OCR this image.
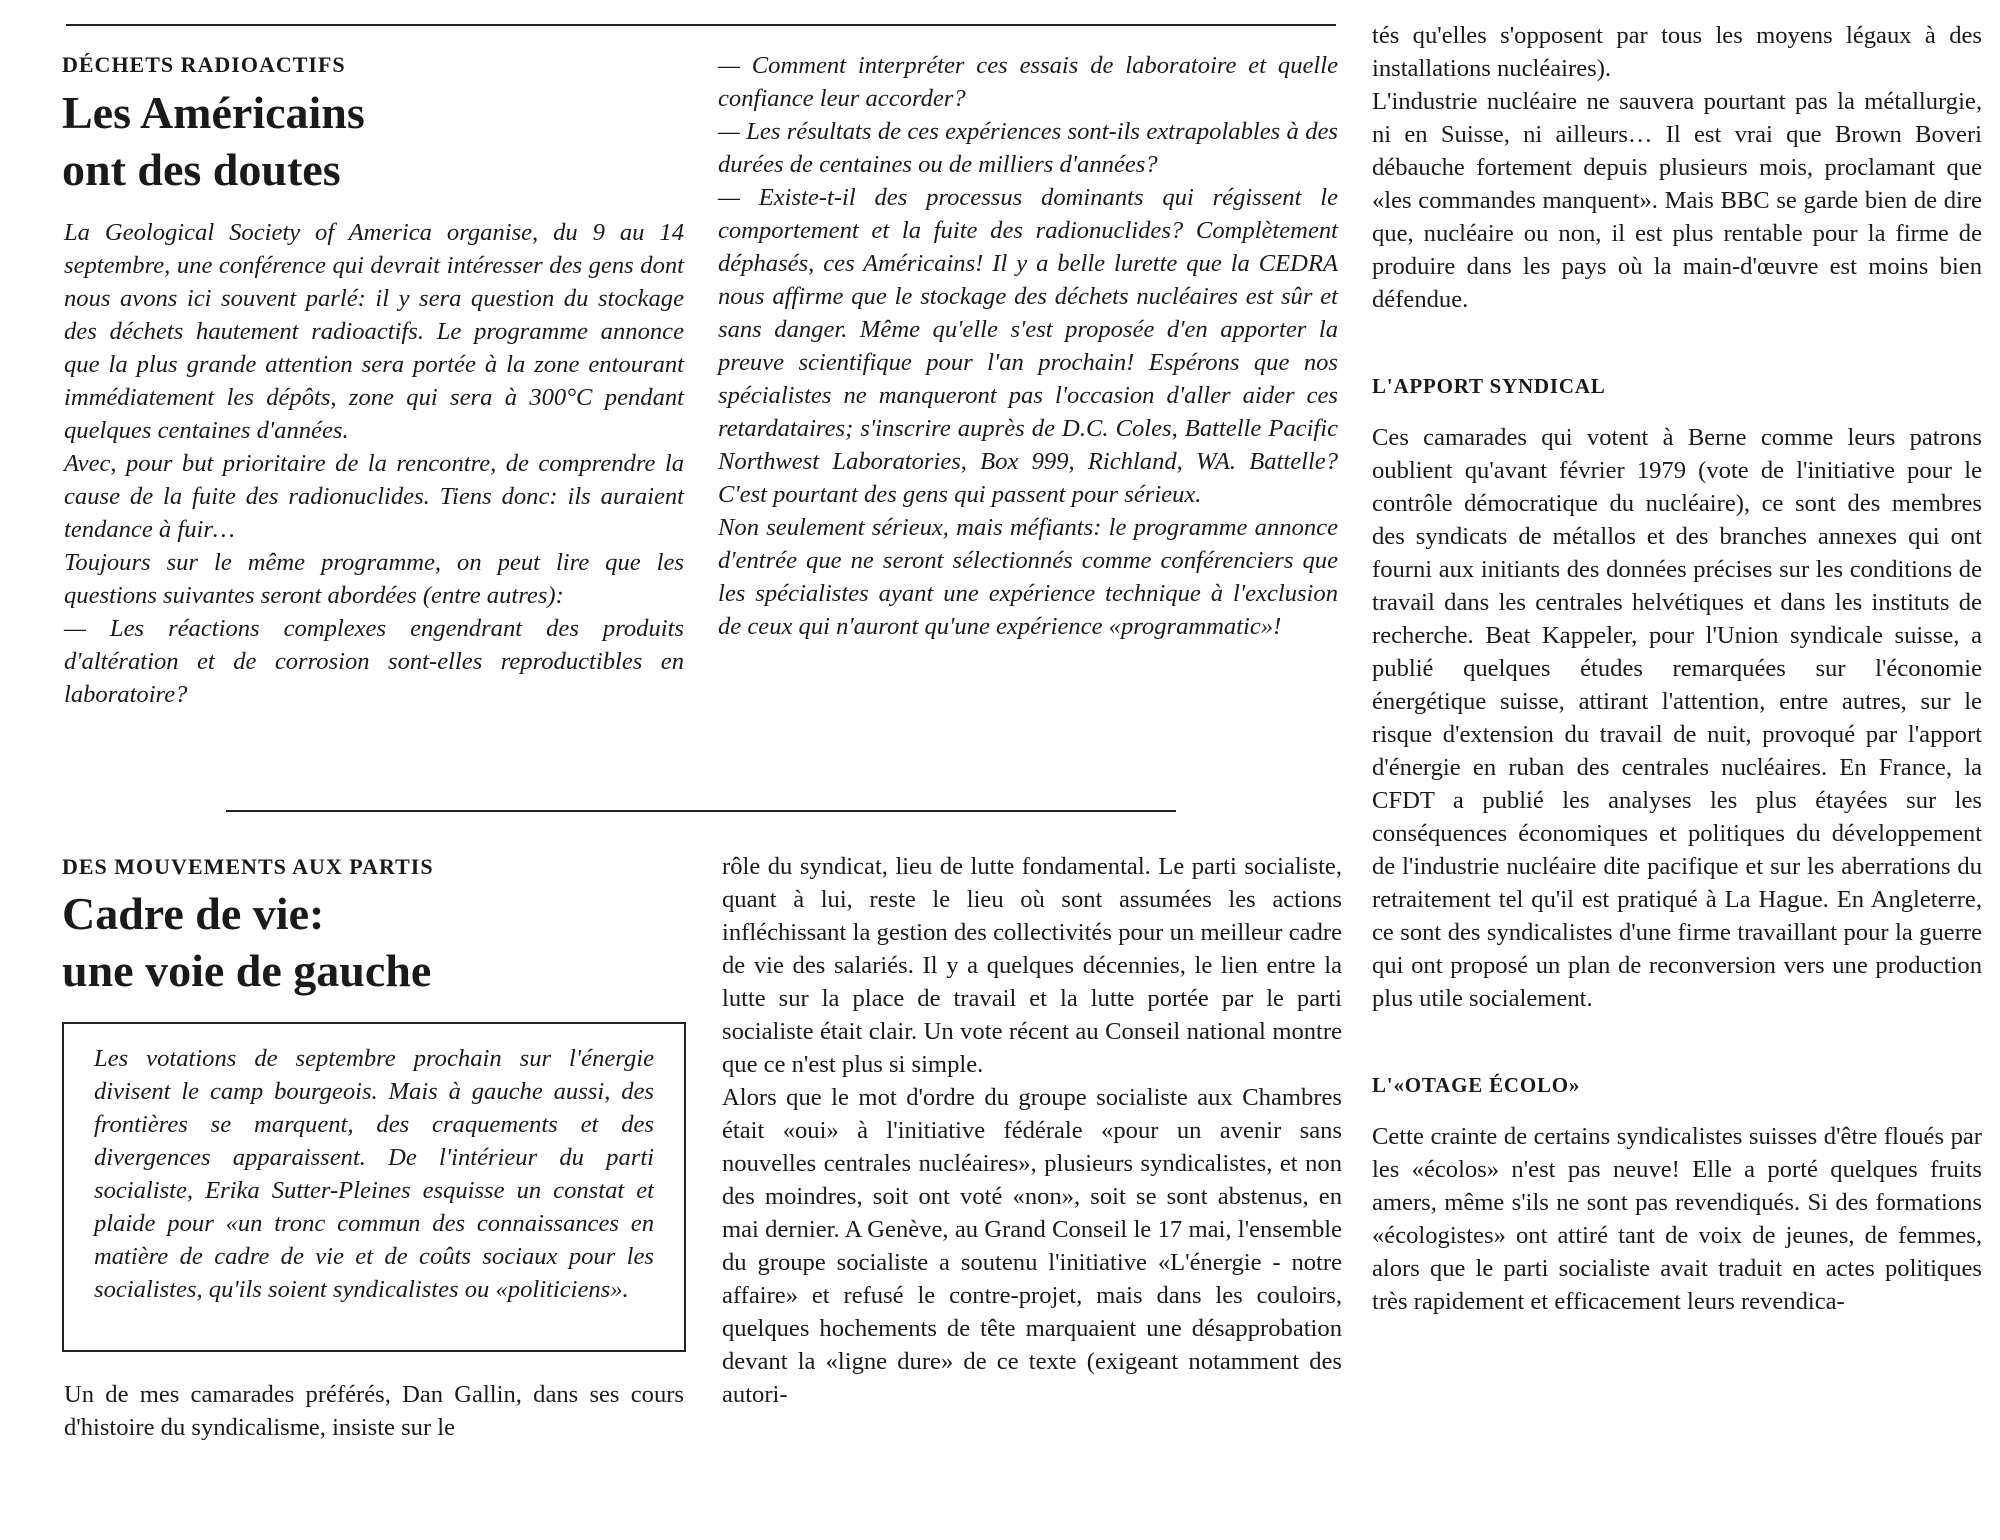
DÉCHETS RADIOACTIFS
Les Américains
ont des doutes

La Geological Society of America organise, du 9 au 14 septembre, une conférence qui devrait intéresser des gens dont nous avons ici souvent parlé: il y sera question du stockage des déchets hautement radioactifs. Le programme annonce que la plus grande attention sera portée à la zone entourant immédiatement les dépôts, zone qui sera à 300°C pendant quelques centaines d'années.

Avec, pour but prioritaire de la rencontre, de comprendre la cause de la fuite des radionuclides. Tiens donc: ils auraient tendance à fuir…

Toujours sur le même programme, on peut lire que les questions suivantes seront abordées (entre autres):

— Les réactions complexes engendrant des produits d'altération et de corrosion sont-elles reproductibles en laboratoire?

— Comment interpréter ces essais de laboratoire et quelle confiance leur accorder?

— Les résultats de ces expériences sont-ils extrapolables à des durées de centaines ou de milliers d'années?

— Existe-t-il des processus dominants qui régissent le comportement et la fuite des radionuclides? Complètement déphasés, ces Américains! Il y a belle lurette que la CEDRA nous affirme que le stockage des déchets nucléaires est sûr et sans danger. Même qu'elle s'est proposée d'en apporter la preuve scientifique pour l'an prochain! Espérons que nos spécialistes ne manqueront pas l'occasion d'aller aider ces retardataires; s'inscrire auprès de D.C. Coles, Battelle Pacific Northwest Laboratories, Box 999, Richland, WA. Battelle? C'est pourtant des gens qui passent pour sérieux.

Non seulement sérieux, mais méfiants: le programme annonce d'entrée que ne seront sélectionnés comme conférenciers que les spécialistes ayant une expérience technique à l'exclusion de ceux qui n'auront qu'une expérience «programmatic»!

DES MOUVEMENTS AUX PARTIS
Cadre de vie:
une voie de gauche

Les votations de septembre prochain sur l'énergie divisent le camp bourgeois. Mais à gauche aussi, des frontières se marquent, des craquements et des divergences apparaissent. De l'intérieur du parti socialiste, Erika Sutter-Pleines esquisse un constat et plaide pour «un tronc commun des connaissances en matière de cadre de vie et de coûts sociaux pour les socialistes, qu'ils soient syndicalistes ou «politiciens».

Un de mes camarades préférés, Dan Gallin, dans ses cours d'histoire du syndicalisme, insiste sur le

rôle du syndicat, lieu de lutte fondamental. Le parti socialiste, quant à lui, reste le lieu où sont assumées les actions infléchissant la gestion des collectivités pour un meilleur cadre de vie des salariés. Il y a quelques décennies, le lien entre la lutte sur la place de travail et la lutte portée par le parti socialiste était clair. Un vote récent au Conseil national montre que ce n'est plus si simple.

Alors que le mot d'ordre du groupe socialiste aux Chambres était «oui» à l'initiative fédérale «pour un avenir sans nouvelles centrales nucléaires», plusieurs syndicalistes, et non des moindres, soit ont voté «non», soit se sont abstenus, en mai dernier. A Genève, au Grand Conseil le 17 mai, l'ensemble du groupe socialiste a soutenu l'initiative «L'énergie - notre affaire» et refusé le contre-projet, mais dans les couloirs, quelques hochements de tête marquaient une désapprobation devant la «ligne dure» de ce texte (exigeant notamment des autori-

tés qu'elles s'opposent par tous les moyens légaux à des installations nucléaires).

L'industrie nucléaire ne sauvera pourtant pas la métallurgie, ni en Suisse, ni ailleurs… Il est vrai que Brown Boveri débauche fortement depuis plusieurs mois, proclamant que «les commandes manquent». Mais BBC se garde bien de dire que, nucléaire ou non, il est plus rentable pour la firme de produire dans les pays où la main-d'œuvre est moins bien défendue.

L'APPORT SYNDICAL

Ces camarades qui votent à Berne comme leurs patrons oublient qu'avant février 1979 (vote de l'initiative pour le contrôle démocratique du nucléaire), ce sont des membres des syndicats de métallos et des branches annexes qui ont fourni aux initiants des données précises sur les conditions de travail dans les centrales helvétiques et dans les instituts de recherche. Beat Kappeler, pour l'Union syndicale suisse, a publié quelques études remarquées sur l'économie énergétique suisse, attirant l'attention, entre autres, sur le risque d'extension du travail de nuit, provoqué par l'apport d'énergie en ruban des centrales nucléaires. En France, la CFDT a publié les analyses les plus étayées sur les conséquences économiques et politiques du développement de l'industrie nucléaire dite pacifique et sur les aberrations du retraitement tel qu'il est pratiqué à La Hague. En Angleterre, ce sont des syndicalistes d'une firme travaillant pour la guerre qui ont proposé un plan de reconversion vers une production plus utile socialement.

L'«OTAGE ÉCOLO»

Cette crainte de certains syndicalistes suisses d'être floués par les «écolos» n'est pas neuve! Elle a porté quelques fruits amers, même s'ils ne sont pas revendiqués. Si des formations «écologistes» ont attiré tant de voix de jeunes, de femmes, alors que le parti socialiste avait traduit en actes politiques très rapidement et efficacement leurs revendica-
